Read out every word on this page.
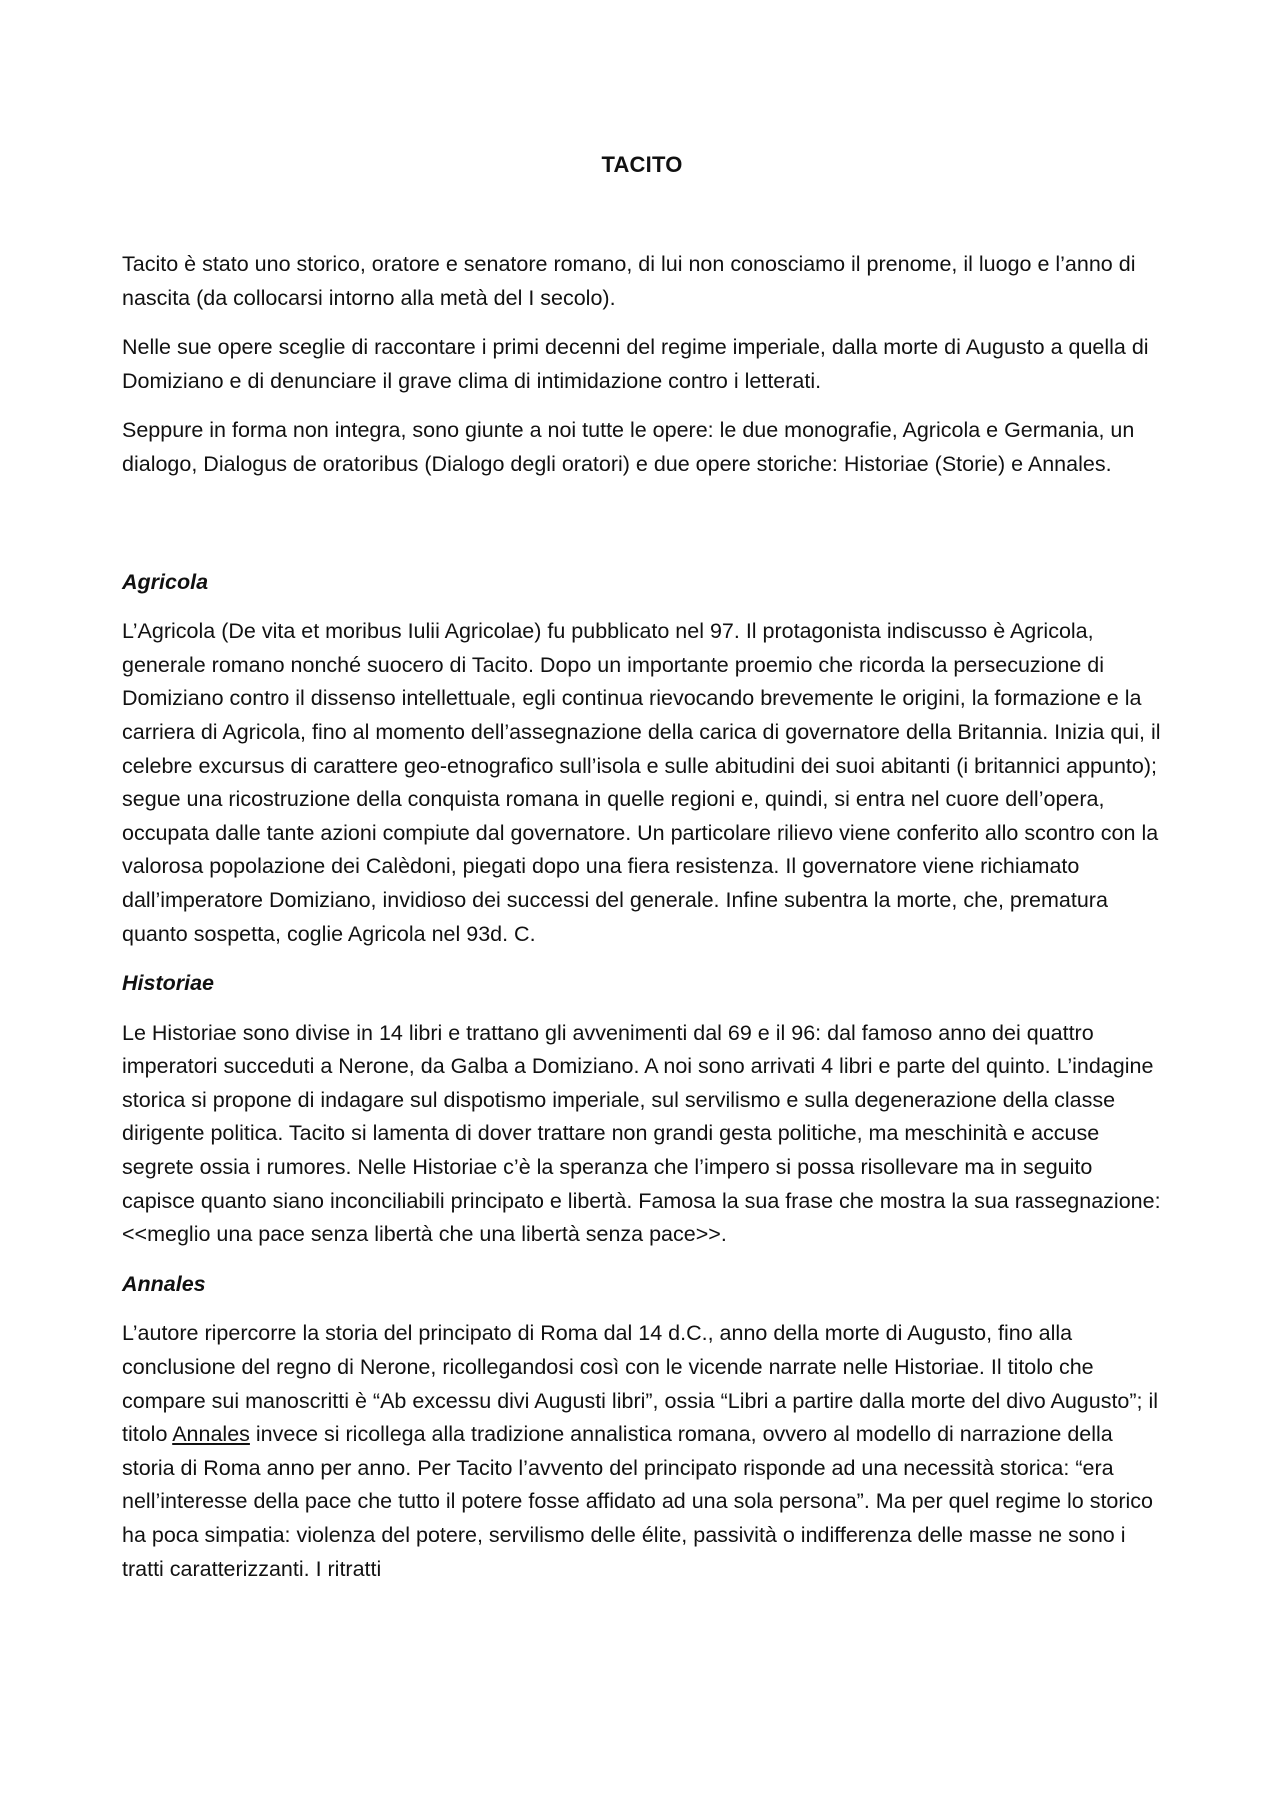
TACITO

Tacito è stato uno storico, oratore e senatore romano, di lui non conosciamo il prenome, il luogo e l’anno di nascita (da collocarsi intorno alla metà del I secolo).

Nelle sue opere sceglie di raccontare i primi decenni del regime imperiale, dalla morte di Augusto a quella di Domiziano e di denunciare il grave clima di intimidazione contro i letterati.

Seppure in forma non integra, sono giunte a noi tutte le opere: le due monografie, Agricola e Germania, un dialogo, Dialogus de oratoribus (Dialogo degli oratori) e due opere storiche: Historiae (Storie) e Annales.

Agricola

L’Agricola (De vita et moribus Iulii Agricolae) fu pubblicato nel 97. Il protagonista indiscusso è Agricola, generale romano nonché suocero di Tacito. Dopo un importante proemio che ricorda la persecuzione di Domiziano contro il dissenso intellettuale, egli continua rievocando brevemente le origini, la formazione e la carriera di Agricola, fino al momento dell’assegnazione della carica di governatore della Britannia. Inizia qui, il celebre excursus di carattere geo-etnografico sull’isola e sulle abitudini dei suoi abitanti (i britannici appunto); segue una ricostruzione della conquista romana in quelle regioni e, quindi, si entra nel cuore dell’opera, occupata dalle tante azioni compiute dal governatore. Un particolare rilievo viene conferito allo scontro con la valorosa popolazione dei Calèdoni, piegati dopo una fiera resistenza. Il governatore viene richiamato dall’imperatore Domiziano, invidioso dei successi del generale. Infine subentra la morte, che, prematura quanto sospetta, coglie Agricola nel 93d. C.

Historiae

Le Historiae sono divise in 14 libri e trattano gli avvenimenti dal 69 e il 96: dal famoso anno dei quattro imperatori succeduti a Nerone, da Galba a Domiziano. A noi sono arrivati 4 libri e parte del quinto. L’indagine storica si propone di indagare sul dispotismo imperiale, sul servilismo e sulla degenerazione della classe dirigente politica. Tacito si lamenta di dover trattare non grandi gesta politiche, ma meschinità e accuse segrete ossia i rumores. Nelle Historiae c’è la speranza che l’impero si possa risollevare ma in seguito capisce quanto siano inconciliabili principato e libertà. Famosa la sua frase che mostra la sua rassegnazione: <<meglio una pace senza libertà che una libertà senza pace>>.

Annales

L’autore ripercorre la storia del principato di Roma dal 14 d.C., anno della morte di Augusto, fino alla conclusione del regno di Nerone, ricollegandosi così con le vicende narrate nelle Historiae. Il titolo che compare sui manoscritti è “Ab excessu divi Augusti libri”, ossia “Libri a partire dalla morte del divo Augusto”; il titolo Annales invece si ricollega alla tradizione annalistica romana, ovvero al modello di narrazione della storia di Roma anno per anno. Per Tacito l’avvento del principato risponde ad una necessità storica: “era nell’interesse della pace che tutto il potere fosse affidato ad una sola persona”. Ma per quel regime lo storico ha poca simpatia: violenza del potere, servilismo delle élite, passività o indifferenza delle masse ne sono i tratti caratterizzanti. I ritratti
